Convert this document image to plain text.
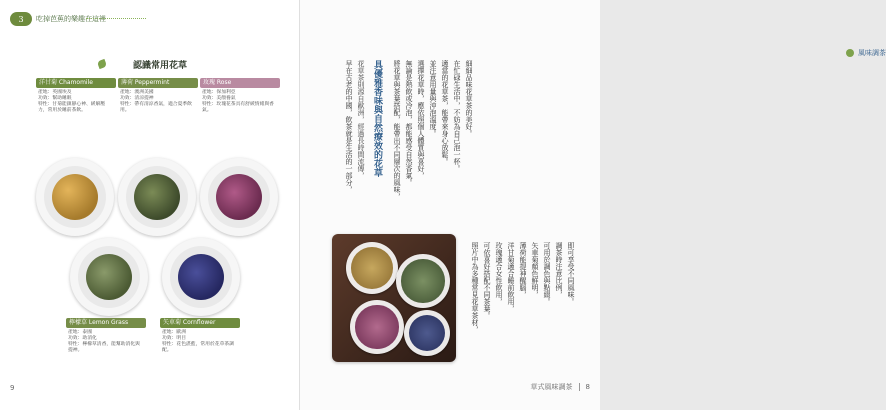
3 吃掉芭蕉的樂趣在這裡
認識常用花草
洋甘菊 Chamomile
產地：英國埃及
功效：幫助睡眠
特性：甘菊能鎮靜心神、緩解壓力，常用於睡前茶飲。
薄荷 Peppermint
產地：澳洲美國
功效：清涼提神
特性：帶有清涼香氣，適合夏季飲用。
玫瑰 Rose
產地：保加利亞
功效：美顏養氣
特性：玫瑰花茶具有舒緩情緒與香氣。
檸檬草 Lemon Grass
產地：泰國
功效：助消化
特性：檸檬草清香，能幫助消化與提神。
矢車菊 Cornflower
產地：歐洲
功效：明目
特性：花色湛藍，常用於花草茶調配。
9
風味調茶
早在古老的中國，飲茶就是生活的一部分， 花草茶則源自歐洲，經過長時間流傳， 具優雅香味與自然療效的花草 將花草與茶葉搭配，能帶出不同層次的風味， 無論是熱飲或冷泡，都能感受自然香氣。 選擇花草時，應依照個人體質與喜好， 並注意用量與沖泡溫度。 適當的花草茶，能帶來身心放鬆。 在忙碌生活中，不妨為自己泡一杯。 細細品味花草茶的美好。
照片中為多種常見花草茶材， 可依喜好搭配不同茶葉。 玫瑰適合女性飲用， 洋甘菊適合睡前飲用， 薄荷能提神醒腦， 矢車菊顏色鮮明， 可用於調色與點綴。 調茶時注意比例， 即可享受不同風味。
草式風味調茶 8
